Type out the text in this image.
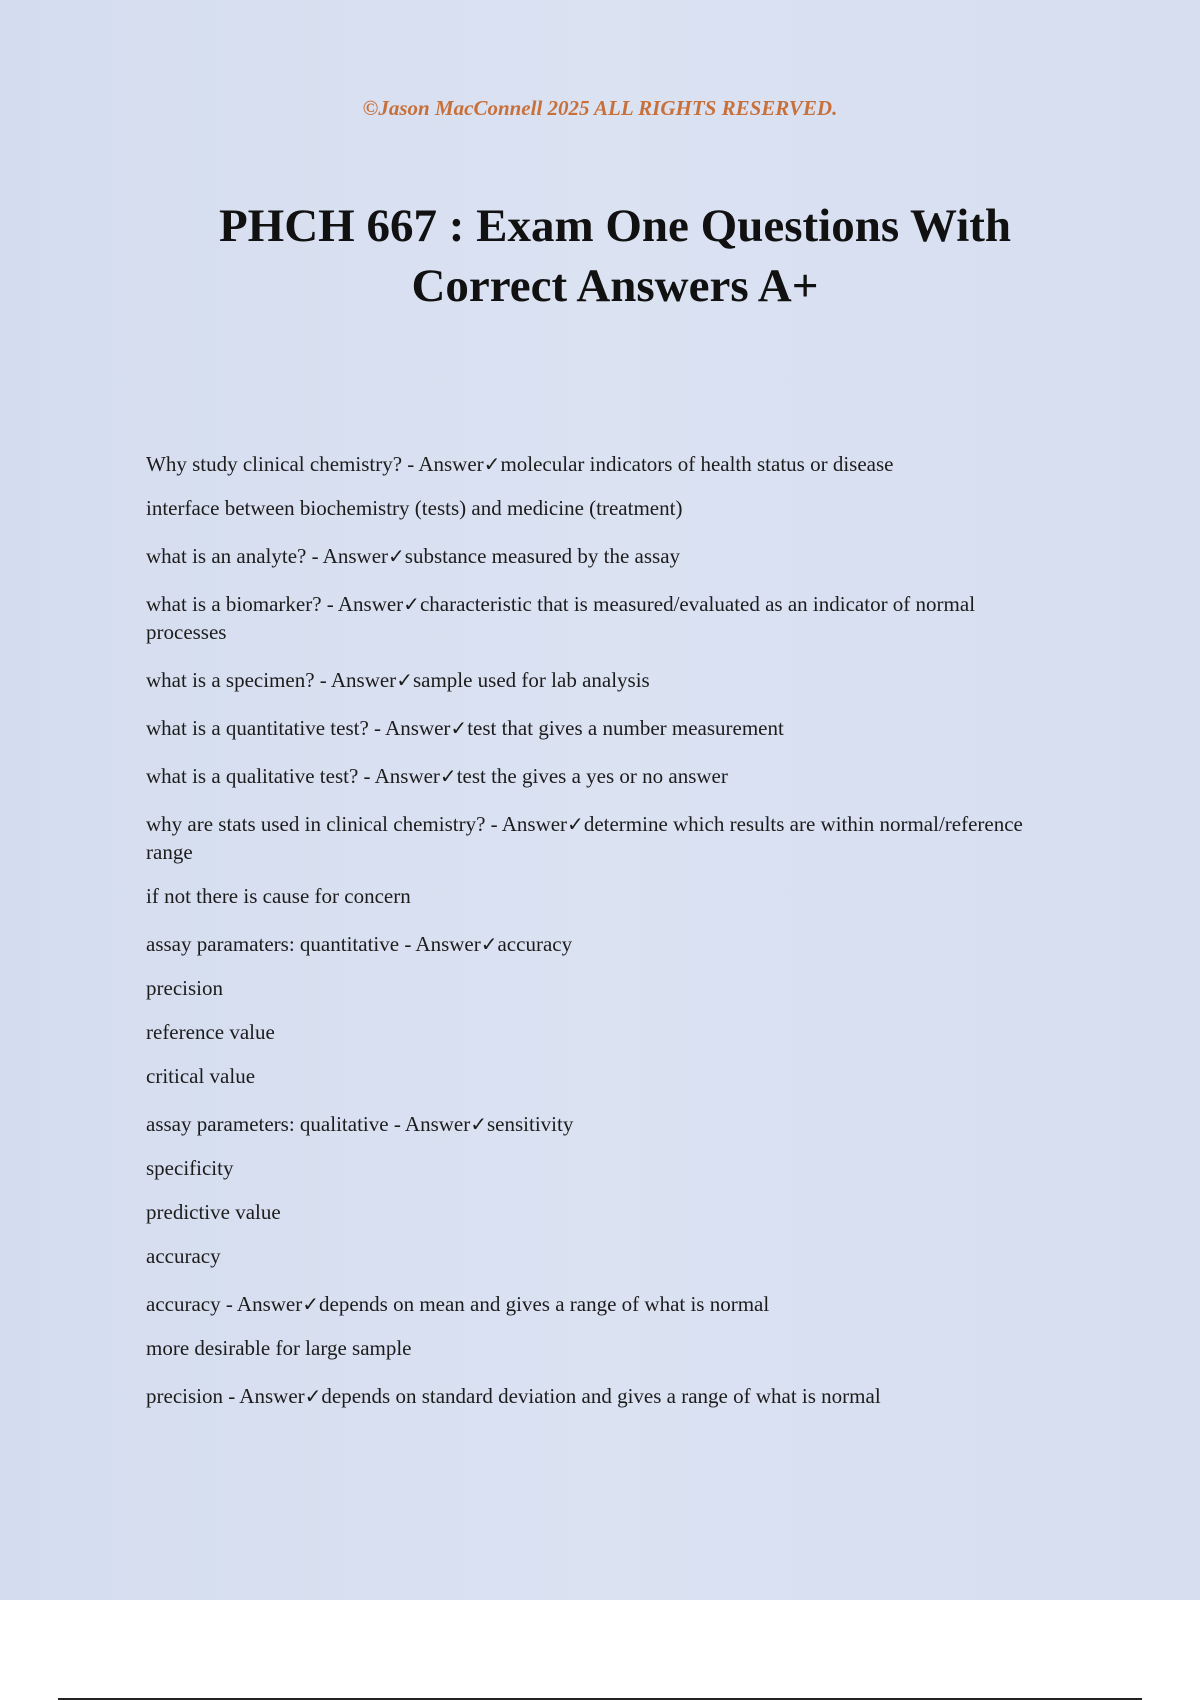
©Jason MacConnell 2025 ALL RIGHTS RESERVED.

PHCH 667 : Exam One Questions With Correct Answers A+

Why study clinical chemistry? - Answer✓molecular indicators of health status or disease

interface between biochemistry (tests) and medicine (treatment)

what is an analyte? - Answer✓substance measured by the assay

what is a biomarker? - Answer✓characteristic that is measured/evaluated as an indicator of normal processes

what is a specimen? - Answer✓sample used for lab analysis

what is a quantitative test? - Answer✓test that gives a number measurement

what is a qualitative test? - Answer✓test the gives a yes or no answer

why are stats used in clinical chemistry? - Answer✓determine which results are within normal/reference range

if not there is cause for concern

assay paramaters: quantitative - Answer✓accuracy

precision

reference value

critical value

assay parameters: qualitative - Answer✓sensitivity

specificity

predictive value

accuracy

accuracy - Answer✓depends on mean and gives a range of what is normal

more desirable for large sample

precision - Answer✓depends on standard deviation and gives a range of what is normal
